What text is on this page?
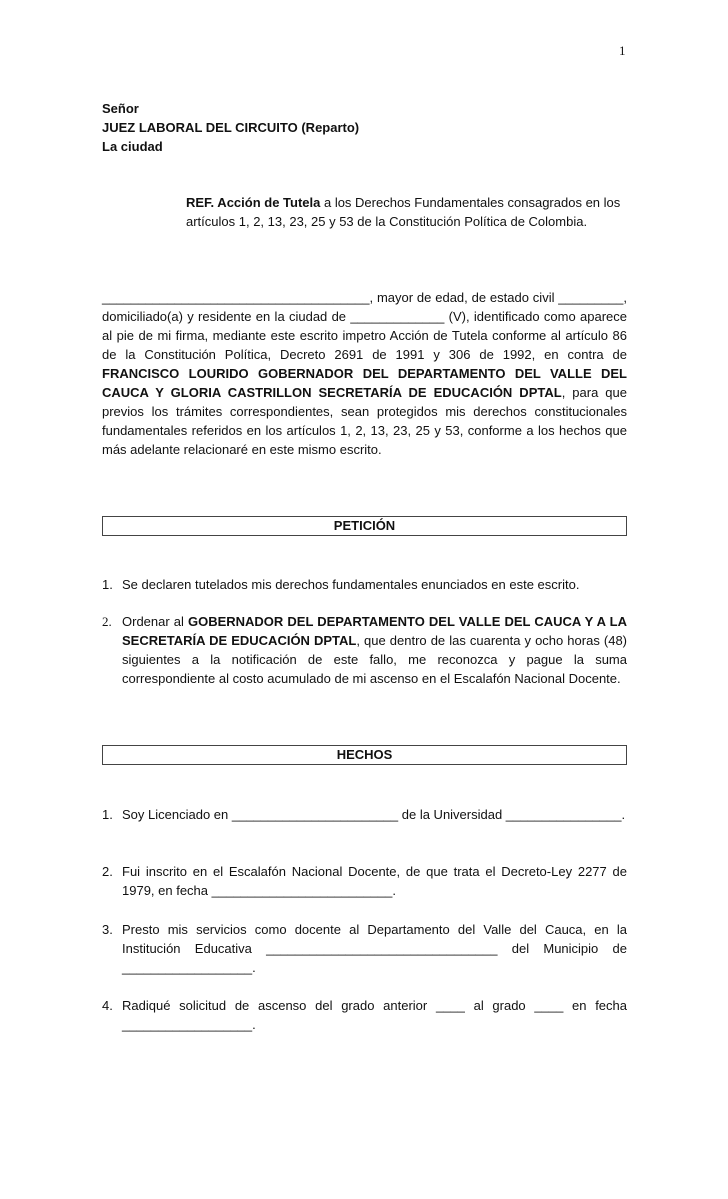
1
Señor
JUEZ LABORAL DEL CIRCUITO (Reparto)
La ciudad
REF. Acción de Tutela a los Derechos Fundamentales consagrados en los artículos 1, 2, 13, 23, 25 y 53 de la Constitución Política de Colombia.

_____________________________________, mayor de edad, de estado civil _________, domiciliado(a) y residente en la ciudad de _____________ (V), identificado como aparece al pie de mi firma, mediante este escrito impetro Acción de Tutela conforme al artículo 86 de la Constitución Política, Decreto 2691 de 1991 y 306 de 1992, en contra de FRANCISCO LOURIDO GOBERNADOR DEL DEPARTAMENTO DEL VALLE DEL CAUCA Y GLORIA CASTRILLON SECRETARÍA DE EDUCACIÓN DPTAL, para que previos los trámites correspondientes, sean protegidos mis derechos constitucionales fundamentales referidos en los artículos 1, 2, 13, 23, 25 y 53, conforme a los hechos que más adelante relacionaré en este mismo escrito.

PETICIÓN
1. Se declaren tutelados mis derechos fundamentales enunciados en este escrito.
2. Ordenar al GOBERNADOR DEL DEPARTAMENTO DEL VALLE DEL CAUCA Y A LA SECRETARÍA DE EDUCACIÓN DPTAL, que dentro de las cuarenta y ocho horas (48) siguientes a la notificación de este fallo, me reconozca y pague la suma correspondiente al costo acumulado de mi ascenso en el Escalafón Nacional Docente.
HECHOS
1. Soy Licenciado en _______________________ de la Universidad ________________.
2. Fui inscrito en el Escalafón Nacional Docente, de que trata el Decreto-Ley 2277 de 1979, en fecha _________________________.
3. Presto mis servicios como docente al Departamento del Valle del Cauca, en la Institución Educativa ________________________________ del Municipio de __________________.
4. Radiqué solicitud de ascenso del grado anterior ____ al grado ____ en fecha __________________.
